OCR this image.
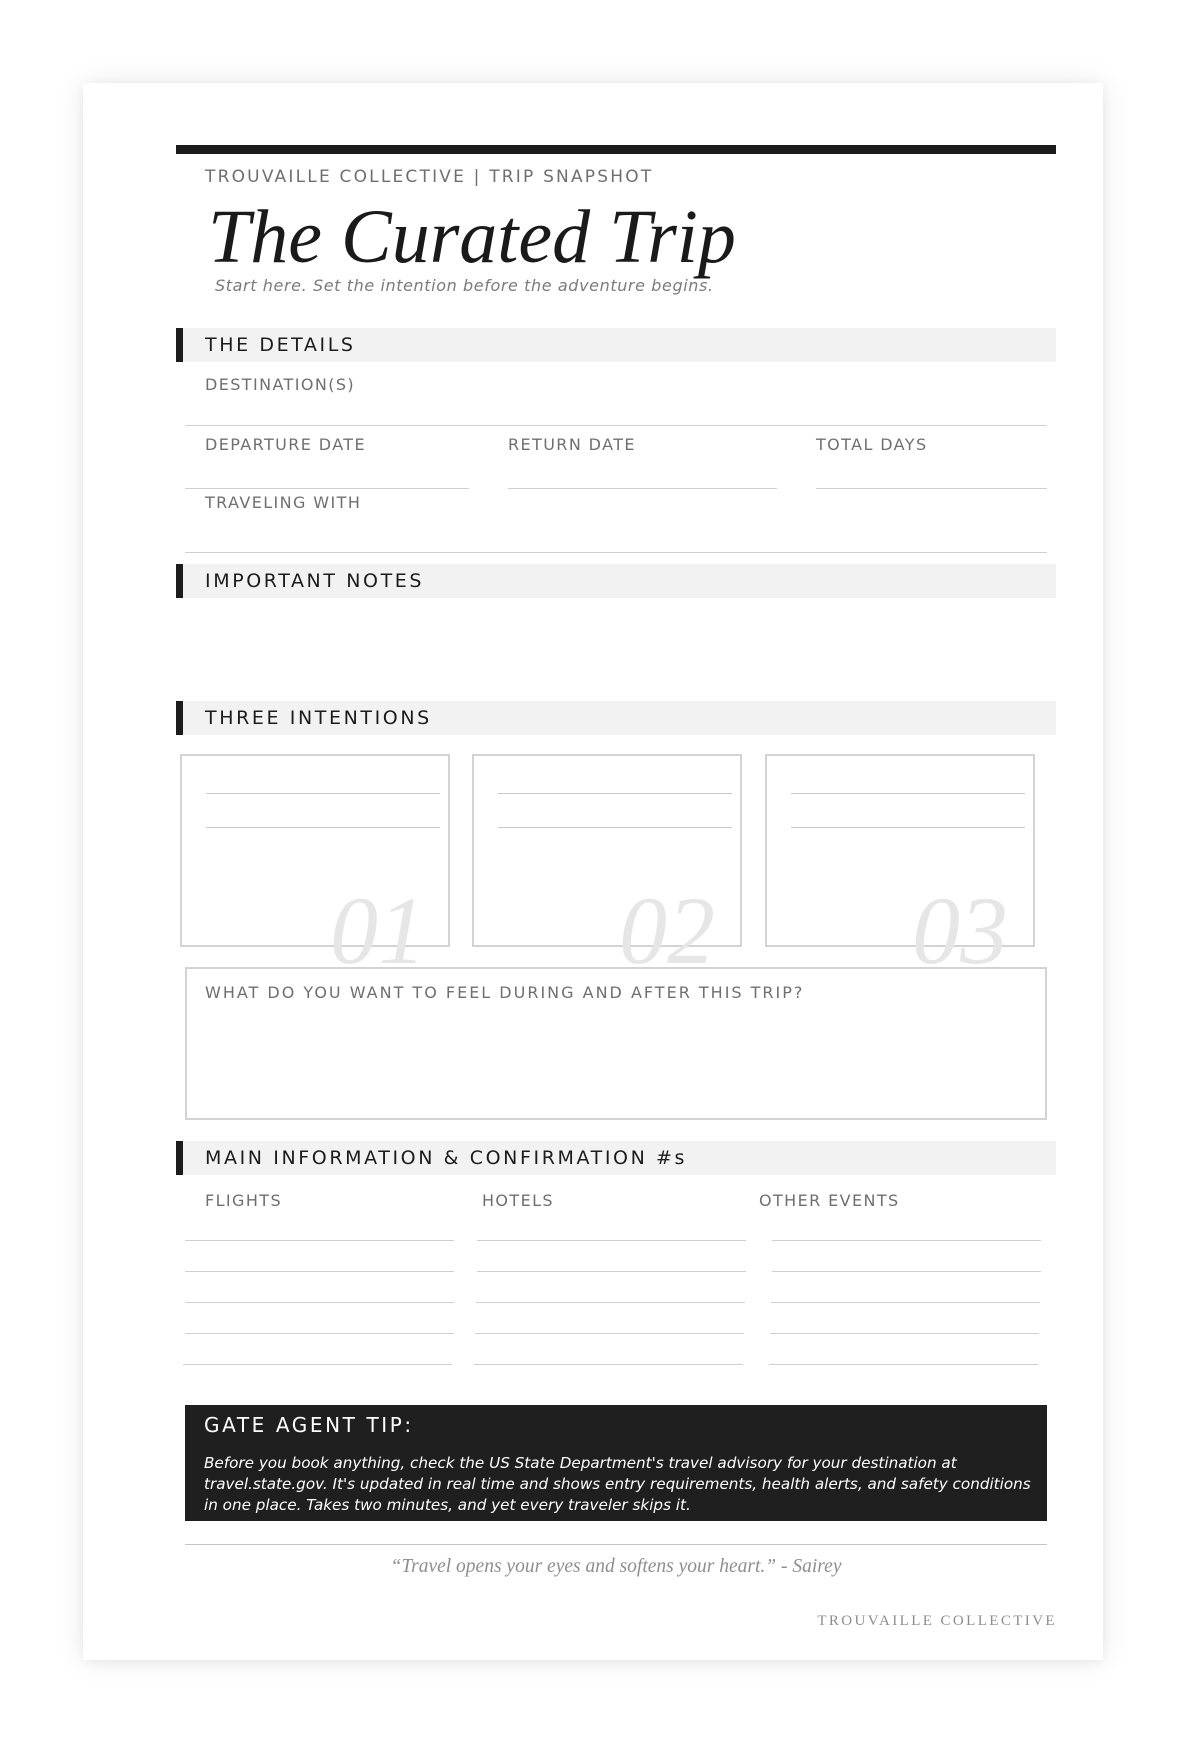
TROUVAILLE COLLECTIVE | TRIP SNAPSHOT
The Curated Trip
Start here. Set the intention before the adventure begins.
THE DETAILS
DESTINATION(S)
DEPARTURE DATE	RETURN DATE	TOTAL DAYS
TRAVELING WITH
IMPORTANT NOTES
THREE INTENTIONS
01 02 03
WHAT DO YOU WANT TO FEEL DURING AND AFTER THIS TRIP?
MAIN INFORMATION & CONFIRMATION #s
FLIGHTS	HOTELS	OTHER EVENTS
GATE AGENT TIP:
Before you book anything, check the US State Department's travel advisory for your destination at travel.state.gov. It's updated in real time and shows entry requirements, health alerts, and safety conditions in one place. Takes two minutes, and yet every traveler skips it.
“Travel opens your eyes and softens your heart.” - Sairey
TROUVAILLE COLLECTIVE
